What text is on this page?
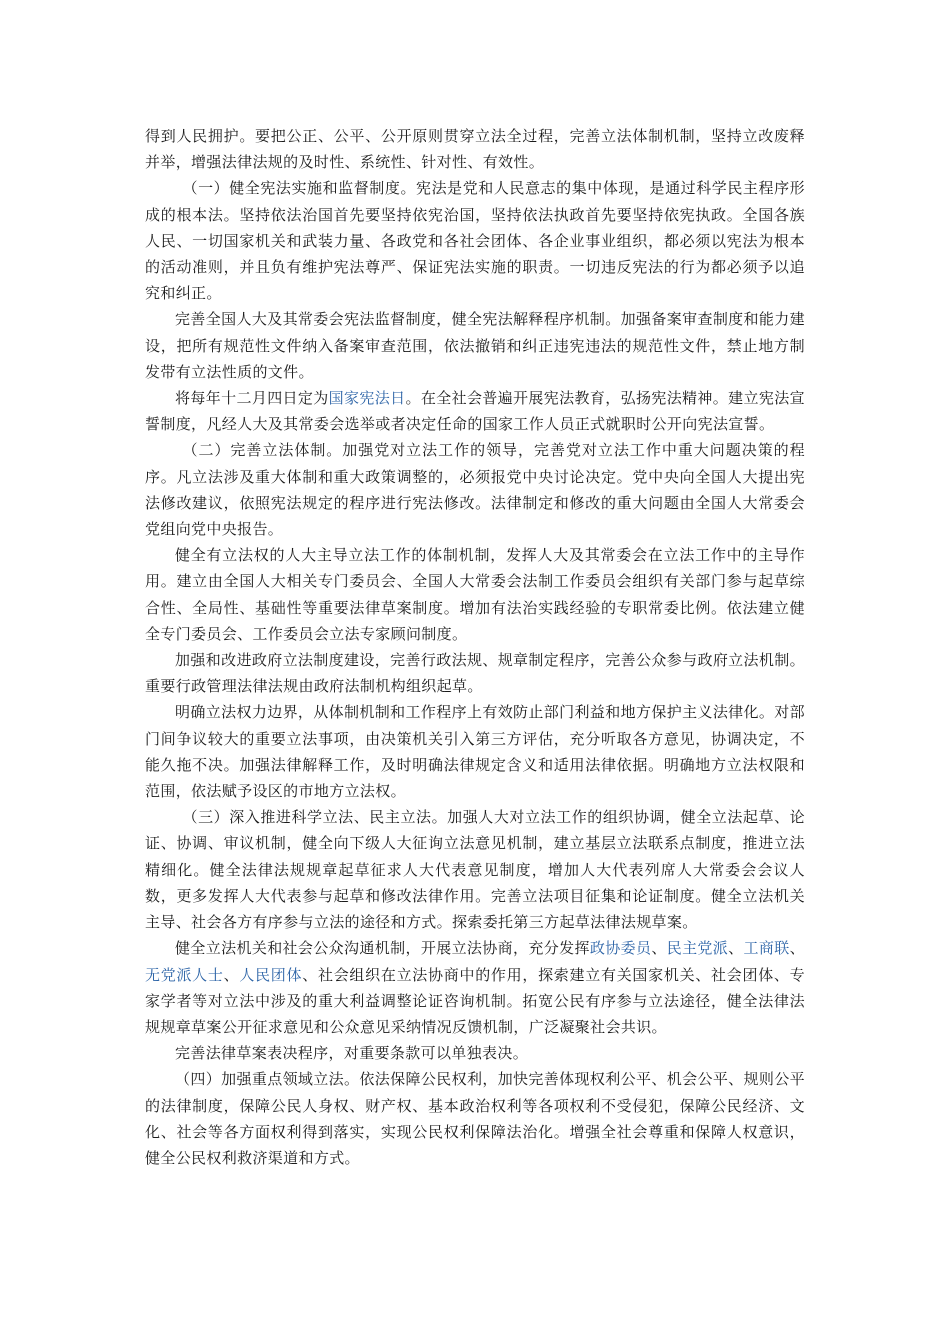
得到人民拥护。要把公正、公平、公开原则贯穿立法全过程，完善立法体制机制，坚持立改废释并举，增强法律法规的及时性、系统性、针对性、有效性。

（一）健全宪法实施和监督制度。宪法是党和人民意志的集中体现，是通过科学民主程序形成的根本法。坚持依法治国首先要坚持依宪治国，坚持依法执政首先要坚持依宪执政。全国各族人民、一切国家机关和武装力量、各政党和各社会团体、各企业事业组织，都必须以宪法为根本的活动准则，并且负有维护宪法尊严、保证宪法实施的职责。一切违反宪法的行为都必须予以追究和纠正。

完善全国人大及其常委会宪法监督制度，健全宪法解释程序机制。加强备案审查制度和能力建设，把所有规范性文件纳入备案审查范围，依法撤销和纠正违宪违法的规范性文件，禁止地方制发带有立法性质的文件。

将每年十二月四日定为国家宪法日。在全社会普遍开展宪法教育，弘扬宪法精神。建立宪法宣誓制度，凡经人大及其常委会选举或者决定任命的国家工作人员正式就职时公开向宪法宣誓。

（二）完善立法体制。加强党对立法工作的领导，完善党对立法工作中重大问题决策的程序。凡立法涉及重大体制和重大政策调整的，必须报党中央讨论决定。党中央向全国人大提出宪法修改建议，依照宪法规定的程序进行宪法修改。法律制定和修改的重大问题由全国人大常委会党组向党中央报告。

健全有立法权的人大主导立法工作的体制机制，发挥人大及其常委会在立法工作中的主导作用。建立由全国人大相关专门委员会、全国人大常委会法制工作委员会组织有关部门参与起草综合性、全局性、基础性等重要法律草案制度。增加有法治实践经验的专职常委比例。依法建立健全专门委员会、工作委员会立法专家顾问制度。

加强和改进政府立法制度建设，完善行政法规、规章制定程序，完善公众参与政府立法机制。重要行政管理法律法规由政府法制机构组织起草。

明确立法权力边界，从体制机制和工作程序上有效防止部门利益和地方保护主义法律化。对部门间争议较大的重要立法事项，由决策机关引入第三方评估，充分听取各方意见，协调决定，不能久拖不决。加强法律解释工作，及时明确法律规定含义和适用法律依据。明确地方立法权限和范围，依法赋予设区的市地方立法权。

（三）深入推进科学立法、民主立法。加强人大对立法工作的组织协调，健全立法起草、论证、协调、审议机制，健全向下级人大征询立法意见机制，建立基层立法联系点制度，推进立法精细化。健全法律法规规章起草征求人大代表意见制度，增加人大代表列席人大常委会会议人数，更多发挥人大代表参与起草和修改法律作用。完善立法项目征集和论证制度。健全立法机关主导、社会各方有序参与立法的途径和方式。探索委托第三方起草法律法规草案。

健全立法机关和社会公众沟通机制，开展立法协商，充分发挥政协委员、民主党派、工商联、无党派人士、人民团体、社会组织在立法协商中的作用，探索建立有关国家机关、社会团体、专家学者等对立法中涉及的重大利益调整论证咨询机制。拓宽公民有序参与立法途径，健全法律法规规章草案公开征求意见和公众意见采纳情况反馈机制，广泛凝聚社会共识。

完善法律草案表决程序，对重要条款可以单独表决。

（四）加强重点领域立法。依法保障公民权利，加快完善体现权利公平、机会公平、规则公平的法律制度，保障公民人身权、财产权、基本政治权利等各项权利不受侵犯，保障公民经济、文化、社会等各方面权利得到落实，实现公民权利保障法治化。增强全社会尊重和保障人权意识，健全公民权利救济渠道和方式。
